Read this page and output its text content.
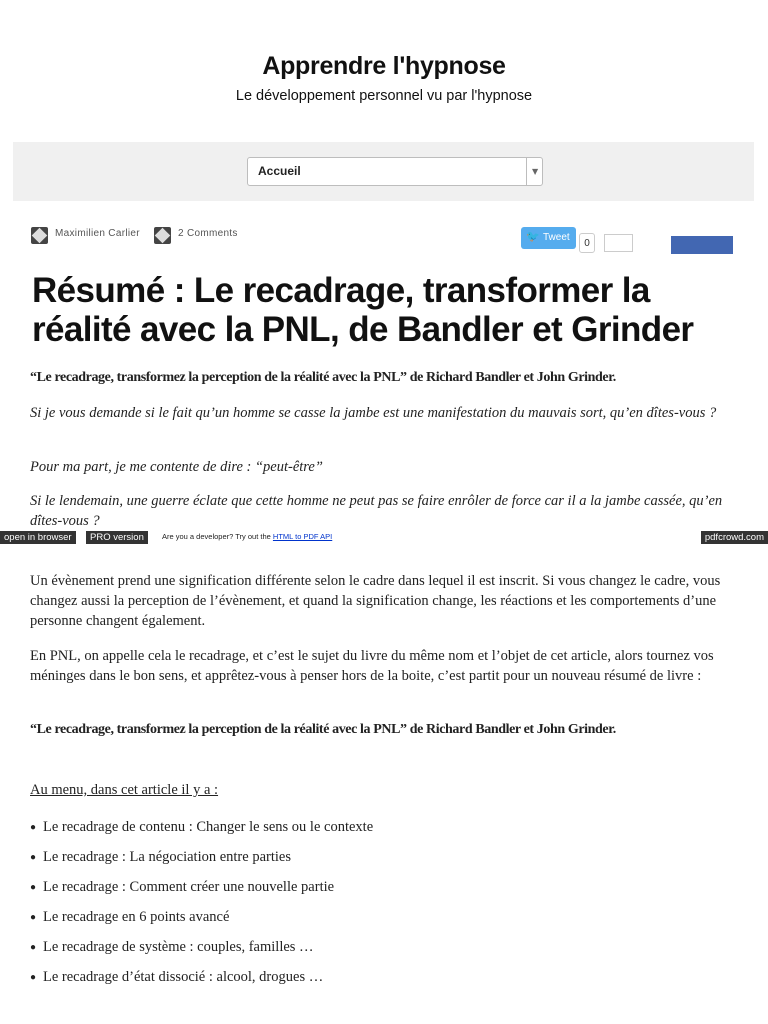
Apprendre l'hypnose
Le développement personnel vu par l'hypnose
Accueil	▼
Maximilien Carlier	2 Comments	🐦 Tweet
0
Résumé : Le recadrage, transformer la réalité avec la PNL, de Bandler et Grinder

“Le recadrage, transformez la perception de la réalité avec la PNL” de Richard Bandler et John Grinder.

Si je vous demande si le fait qu’un homme se casse la jambe est une manifestation du mauvais sort, qu’en dîtes-vous ?

Pour ma part, je me contente de dire : “peut-être”

Si le lendemain, une guerre éclate que cette homme ne peut pas se faire enrôler de force car il a la jambe cassée, qu’en dîtes-vous ?

open in browser	PRO version	Are you a developer? Try out the HTML to PDF API	pdfcrowd.com

Un évènement prend une signification différente selon le cadre dans lequel il est inscrit. Si vous changez le cadre, vous changez aussi la perception de l’évènement, et quand la signification change, les réactions et les comportements d’une personne changent également.

En PNL, on appelle cela le recadrage, et c’est le sujet du livre du même nom et l’objet de cet article, alors tournez vos méninges dans le bon sens, et apprêtez-vous à penser hors de la boite, c’est partit pour un nouveau résumé de livre :

“Le recadrage, transformez la perception de la réalité avec la PNL” de Richard Bandler et John Grinder.

Au menu, dans cet article il y a :

● Le recadrage de contenu : Changer le sens ou le contexte
● Le recadrage : La négociation entre parties
● Le recadrage : Comment créer une nouvelle partie
● Le recadrage en 6 points avancé
● Le recadrage de système : couples, familles …
● Le recadrage d’état dissocié : alcool, drogues …
